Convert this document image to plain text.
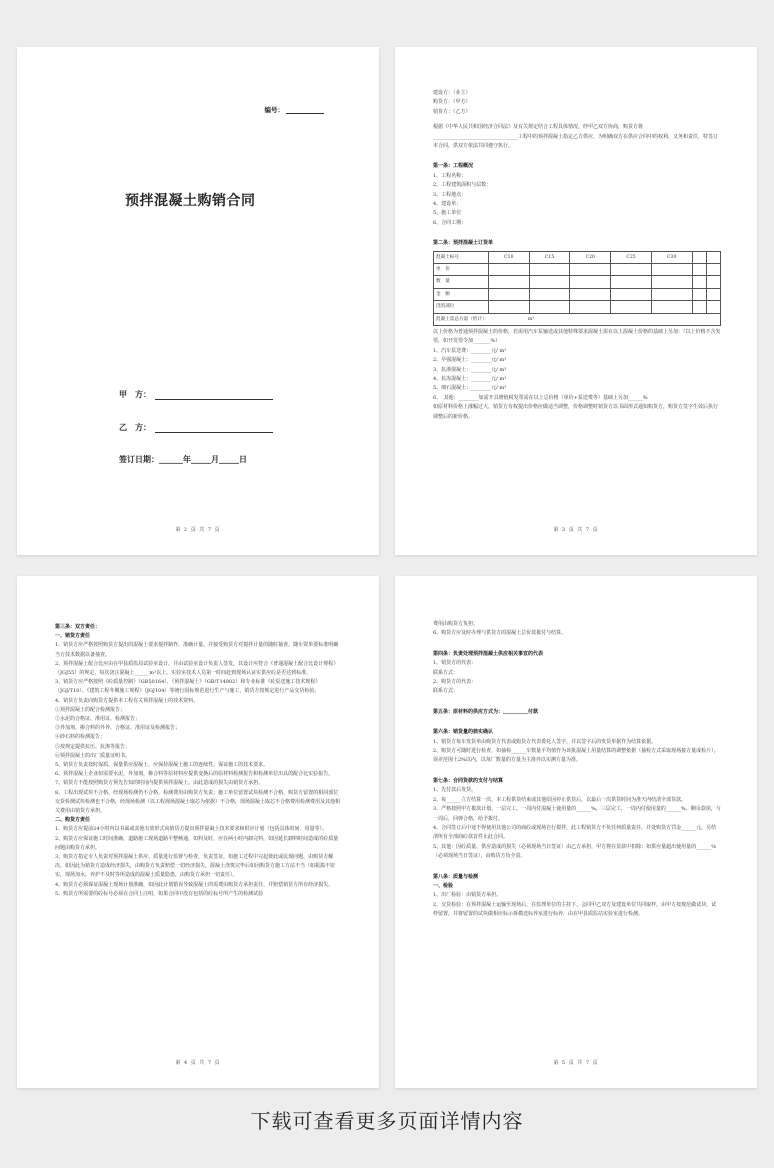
编号：
预拌混凝土购销合同
甲　方：
乙　方：
签订日期：______年_____月_____日
第 2 页 共 7 页

建设方：（业主）

购货方：（甲方）

销货方：（乙方）

根据《中华人民共和国经济合同法》及有关规定结合工程具体情况，经甲乙双方协商，购货方将__________________________________工程中的预拌混凝土指定乙方供应，为明确双方在供应合同中的权利、义务和责任，特签订本合同，供双方依法共同遵守执行。

第一条：工程概况

1、工程名称：

2、工程建筑面积与层数：

3、工程地点：

4、建设单：

5、施工单位

6、合同工期：

第二条：预拌混凝土订货单

混凝土标号	C10	C15	C20	C25	C30		
单　价							
数　量							
金　额							
浇筑部位							
混凝土需总方量（约计）：　　　　　　　　　m³							

以上价格为普通预拌混凝土的价格，若需用汽车泵输送或其他特殊要求混凝土需在以上混凝土价格的基础上另加：（以上价格不含发票，如开发票令加_______%）

1、汽车泵送费：________元/ m³

2、早强混凝土：________元/ m³

3、抗渗混凝土：________元/ m³

4、抗冻混凝土：________元/ m³

5、细石混凝土：________元/ m³

6、　其他：________如需开具增值税发票需在以上总价格（单价+泵送费等）基础上另加______%

如原材料价格上涨幅过大，销货方有权提出价格应做适当调整，价格调整时销货方以书面形式通知购货方，购货方签字生效后执行调整后的新价格。

第 3 页 共 7 页

第三条：双方责任：

一、销货方责任

1、销货方应严格按照购货方提出的混凝土要求搅拌制作，准确计量，并接受购货方对搅拌计量的随时抽查，随车资单要标准明确当方技术数据以备抽查。

2、预拌混凝土配合比应由在甲县质监局试验室设计，并由试验室设计负责人签发，其设计应符合《普通混凝土配合比设计规程》（JGJ55）的规定，每次浇注混凝土______m³以上，实验室技术人员第一时间赶到现场认证实供应砼是否达到标准。

3、销货方应严格按照《砼质量控制》（GB50164）、《预拌混凝土》（GB/T14902）和专业标准《砼泵送施工技术规程》（JGJ/T10）、《建筑工程冬期施工规程》（JGJ104）等统行国标规范进行生产与施工，销货方按规定进行产品交货检验。

4、销货方负责向购货方提供本工程有关预拌混凝土的技术资料。

①预拌混凝土的配合检测报告；

②水泥的合格证、准用证、检测报告；

③外加剂、掺合料的外养、合格证、准用证及检测报告；

④砂石料的检测报告；

⑤按规定提供抗压、抗渗等报告；

⑥预拌混凝土的出厂质量证明书。

5、销货方负责按时保质、保量供应混凝土，应保持混凝土施工的连续性，保证施工的技术要求。

6、预拌混凝土企业如需要水泥，外加剂，掺合料等原材料应提供变换后的原材料检测报告和检测单位出具的配合比实验报告。

7、销货方不能按照购货方预先告知的时间内提供预拌混凝土，由此造成的损失由销货方承担。

8、工程出现试块不合格，经现场检测仍不合格，检测费用由购货方负责；施工单位留置试块检测不合格，购货方留置的相同部位交货检测试块检测也不合格，经现场检测（以工程现场混凝土取芯为依据）不合格，现场混凝土取芯不合格费用检测费用及其他相关费用由销货方承担。

二、购货方责任

1、购货方应提前24小时内以书面或其他有效形式向销货方提出预拌混凝土技术要求和供应计划（包括具体时间、用量等）。

2、购货方应保证施工时间准确，道路施工现场道路平整畅通，如料及时，应在两小时内卸完料，如因延长卸料时间造成的砼质量问题由购货方承担。

3、购货方指定专人负责对预拌混凝土供应、质量进行监督与检查，负责签证，如施工过程中完起彼此或民现问题，由购货方解决。如因此为销货方造成经济损失，由购货方负责赔偿一切经济损失。混凝土浇筑完毕后如因购货方施工方法不当（如振捣不密实，现场加水，养护不及时等所造成的混凝土质量隐患，由购货方承担一切责任）。

4、购货方必须保证混凝土现场计划准确，如因此计划错误导致混凝土的需费由购货方承担责任，并赔偿销货方所有经济损失。

5、购货方所需要的砼标号必须在合同上注明，如果合同中没有包括的砼标号所产生的检测试验

第 4 页 共 7 页

费用由购货方负担。

6、购货方应及时办理与供货方的混凝土总价款拨付与结算。

第四条：负责处理预拌混凝土供应相关事宜的代表

1、销货方的代表：

联系方式：

2、购货方的代表：

联系方式：

第五条：原材料的供应方式为：__________付款

第六条：销货量的核实确认

1、销货方每车发货单由购货方代表或购货方代表委托人签字，并以签字后的发货单据作为结算依据。

2、购货方可随时进行检查，如抽检______车数量平均值作为该批混凝土用量结算的调整依据（抽检方式采取现场接方量成检斤），误差范围士2%以内，以每厂数量的方量为主准外以实测方量为准。

第七条：合同货款的支付与结算

1、先付款后发货。

2、每______立方结算一次，本工程供货结束或其他原因停止供货后，以最后一次供货时间为准天内结清全部货款。

3、严格按照甲方拨款计划、一层完工，一周内付混凝土使用量的______%，三层完工，一周内付使用量的______%，剩余款项，与一周后，回弹合格，给予拨付。

4、合同签订后中途不得使用其他公司的商砼或现场自行搅拌，此工程销货方不负任何质量责任，并处购货方罚金______元，另结清所有全部商砼款首件止此合同。

5、其他：因砼质量、供应造成的损失（必须现场当日签证）由乙方承担，甲方将在货款中扣除；如供应量超出使用量的______%（必须现场当日签证），由购货方负全责。

第八条：质量与检测

一、检验

1、出厂检验：由销货方承担。

2、交货检验：在预拌混凝土运输至现场后，在监理单位的主持下，会同甲乙双方及建设单位共同取样，由甲方按规范做试块，试样留置，并将留置的试块做相应标示拆模送标养室进行标养，由在甲县质监站实验室进行检测。

第 5 页 共 7 页
下载可查看更多页面详情内容
